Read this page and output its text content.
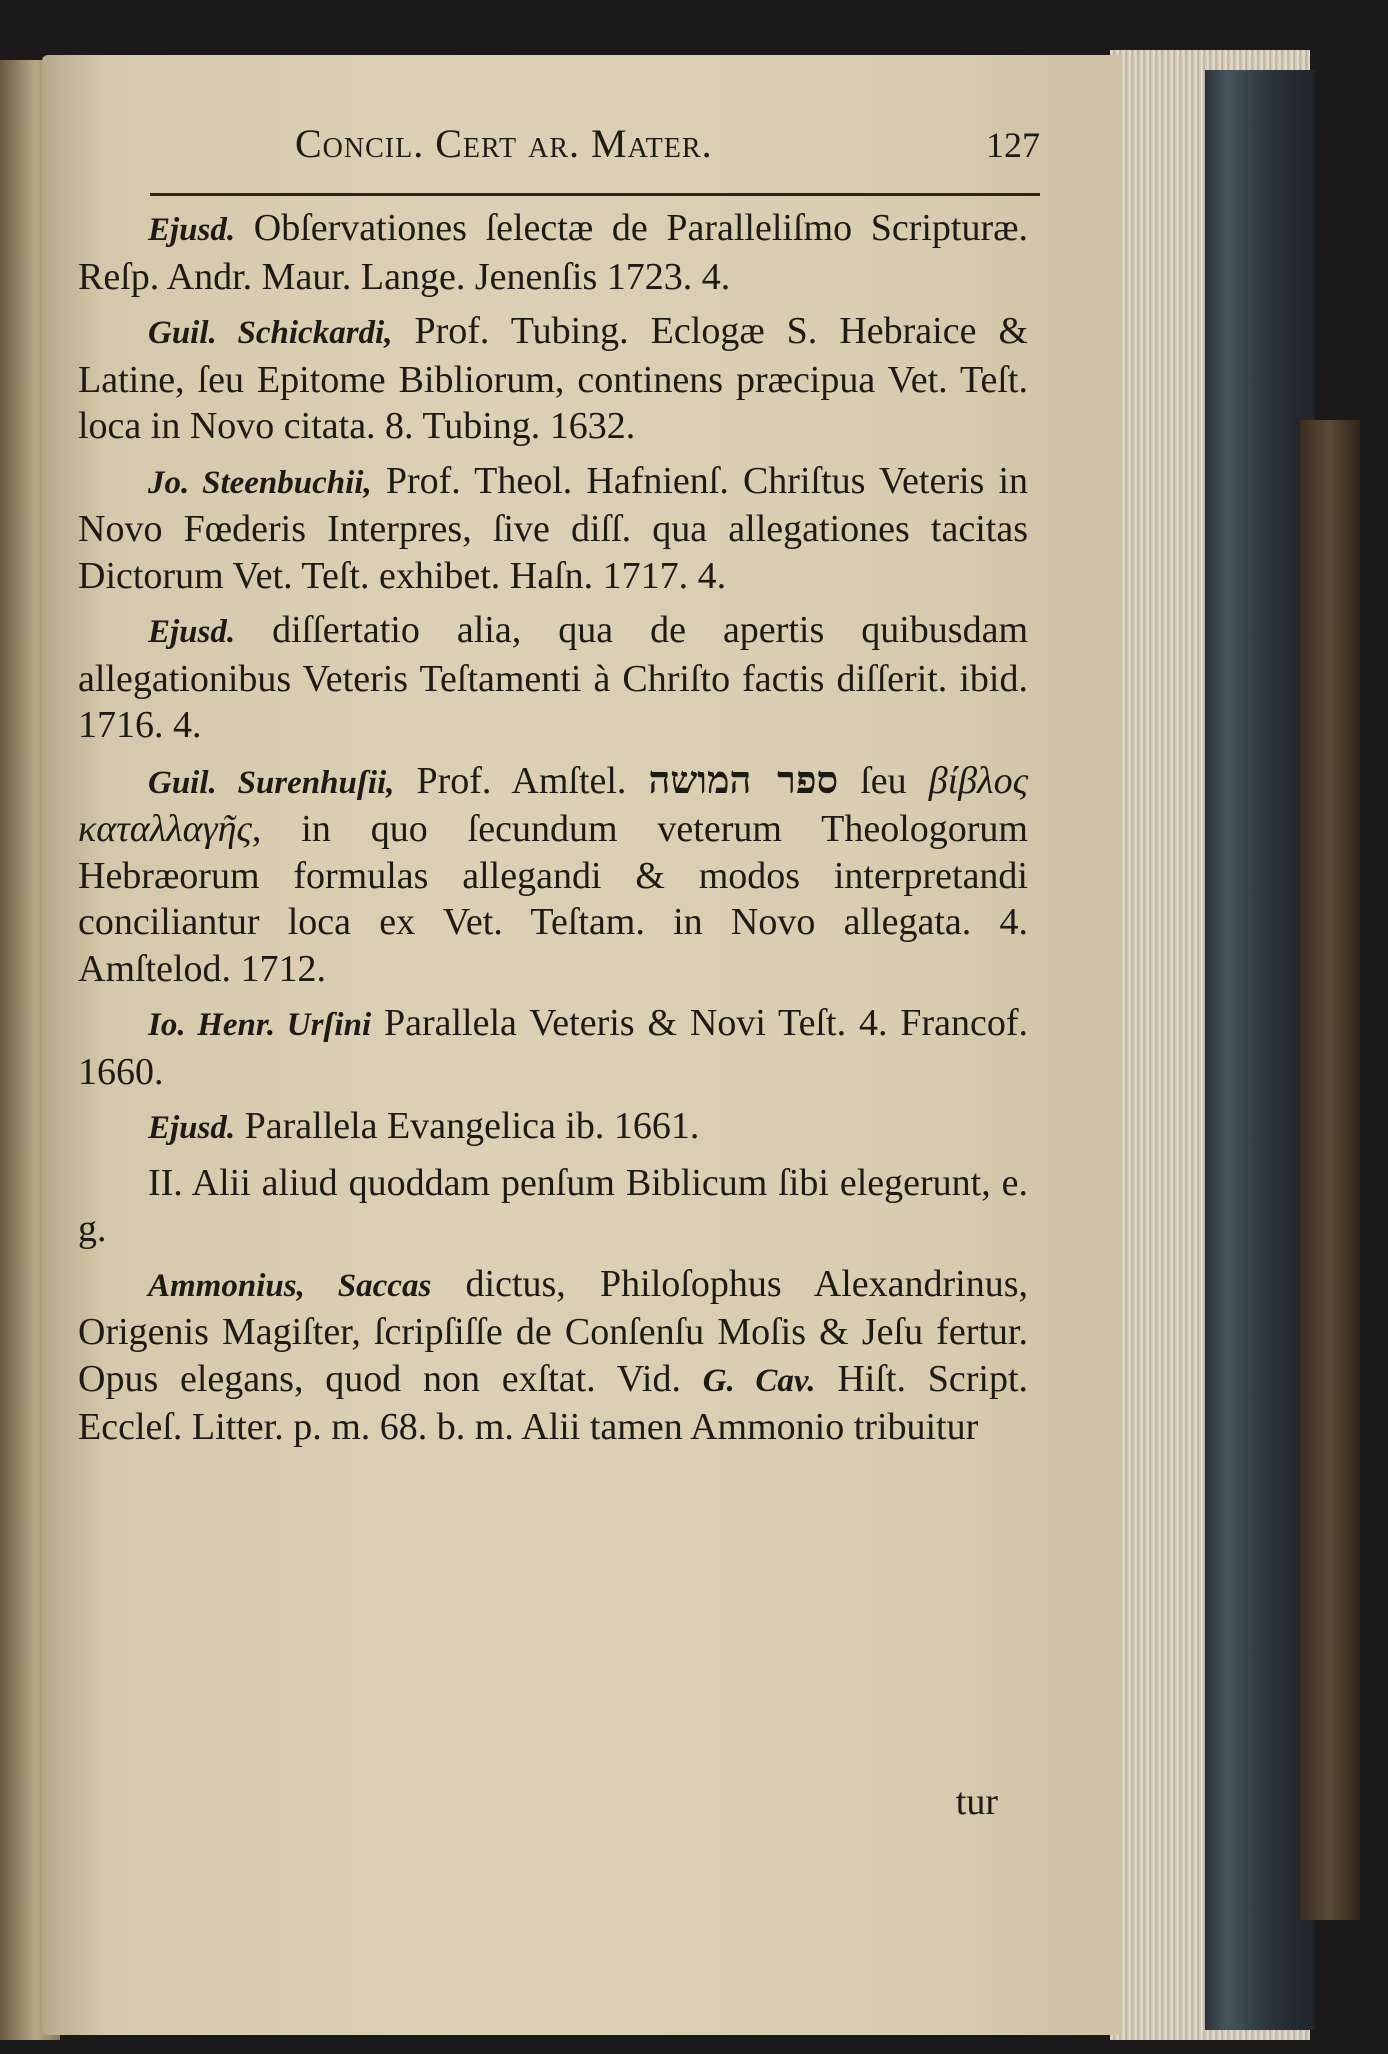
Concil. Cert ar. Mater.	127

Ejusd. Obſervationes ſelectæ de Paralleliſmo Scripturæ. Reſp. Andr. Maur. Lange. Jenenſis 1723. 4.

Guil. Schickardi, Prof. Tubing. Eclogæ S. Hebraice & Latine, ſeu Epitome Bibliorum, continens præcipua Vet. Teſt. loca in Novo citata. 8. Tubing. 1632.

Jo. Steenbuchii, Prof. Theol. Hafnienſ. Chriſtus Veteris in Novo Fœderis Interpres, ſive diſſ. qua allegationes tacitas Dictorum Vet. Teſt. exhibet. Haſn. 1717. 4.

Ejusd. diſſertatio alia, qua de apertis quibusdam allegationibus Veteris Teſtamenti à Chriſto factis diſſerit. ibid. 1716. 4.

Guil. Surenhuſii, Prof. Amſtel. ספר המושה ſeu βίβλος καταλλαγῆς, in quo ſecundum veterum Theologorum Hebræorum formulas allegandi & modos interpretandi conciliantur loca ex Vet. Teſtam. in Novo allegata. 4. Amſtelod. 1712.

Io. Henr. Urſini Parallela Veteris & Novi Teſt. 4. Francof. 1660.

Ejusd. Parallela Evangelica ib. 1661.

II. Alii aliud quoddam penſum Biblicum ſibi elegerunt, e. g.

Ammonius, Saccas dictus, Philoſophus Alexandrinus, Origenis Magiſter, ſcripſiſſe de Conſenſu Moſis & Jeſu fertur. Opus elegans, quod non exſtat. Vid. G. Cav. Hiſt. Script. Eccleſ. Litter. p. m. 68. b. m. Alii tamen Ammonio tribuitur

tur
